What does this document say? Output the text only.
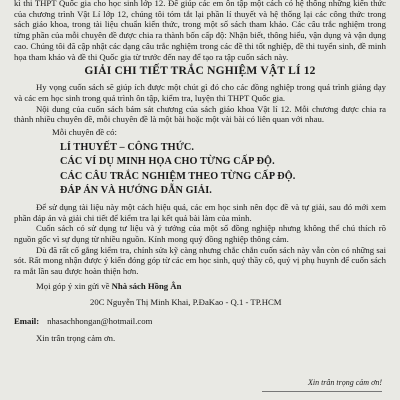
kì thi THPT Quốc gia cho học sinh lớp 12. Để giúp các em ôn tập một cách có hệ thống những kiến thức của chương trình Vật Lí lớp 12, chúng tôi tóm tắt lại phần lí thuyết và hệ thống lại các công thức trong sách giáo khoa, trong tài liệu chuẩn kiến thức, trong một số sách tham khảo. Các câu trắc nghiệm trong từng phần của mỗi chuyên đề được chia ra thành bốn cấp độ: Nhận biết, thông hiểu, vận dụng và vận dụng cao. Chúng tôi đã cập nhật các dạng câu trắc nghiệm trong các đề thi tốt nghiệp, đề thi tuyển sinh, đề minh họa tham khảo và đề thi Quốc gia từ trước đến nay để tạo ra tập cuốn sách này.

GIẢI CHI TIẾT TRẮC NGHIỆM VẬT LÍ 12

Hy vọng cuốn sách sẽ giúp ích được một chút gì đó cho các đồng nghiệp trong quá trình giảng dạy và các em học sinh trong quá trình ôn tập, kiểm tra, luyện thi THPT Quốc gia.

Nội dung của cuốn sách bám sát chương của sách giáo khoa Vật lí 12. Mỗi chương được chia ra thành nhiều chuyên đề, mỗi chuyên đề là một bài hoặc một vài bài có liên quan với nhau.

Mỗi chuyên đề có:

LÍ THUYẾT – CÔNG THỨC.
CÁC VÍ DỤ MINH HỌA CHO TỪNG CẤP ĐỘ.
CÁC CÂU TRẮC NGHIỆM THEO TỪNG CẤP ĐỘ.
ĐÁP ÁN VÀ HƯỚNG DẪN GIẢI.

Để sử dụng tài liệu này một cách hiệu quả, các em học sinh nên đọc đề và tự giải, sau đó mới xem phần đáp án và giải chi tiết để kiểm tra lại kết quả bài làm của mình.

Cuốn sách có sử dụng tư liệu và ý tưởng của một số đồng nghiệp nhưng không thể chú thích rõ nguồn gốc vì sự dụng từ nhiều nguồn. Kính mong quý đồng nghiệp thông cảm.

Dù đã rất cố gắng kiểm tra, chỉnh sửa kỹ càng nhưng chắc chắn cuốn sách này vẫn còn có những sai sót. Rất mong nhận được ý kiến đóng góp từ các em học sinh, quý thầy cô, quý vị phụ huynh để cuốn sách ra mắt lần sau được hoàn thiện hơn.

Mọi góp ý xin gửi về Nhà sách Hồng Ân

20C Nguyễn Thị Minh Khai, P.ĐaKao - Q.1 - TP.HCM

Email: nhasachhongan@hotmail.com

Xin trân trọng cảm ơn.

Xin trân trọng cảm ơn!
